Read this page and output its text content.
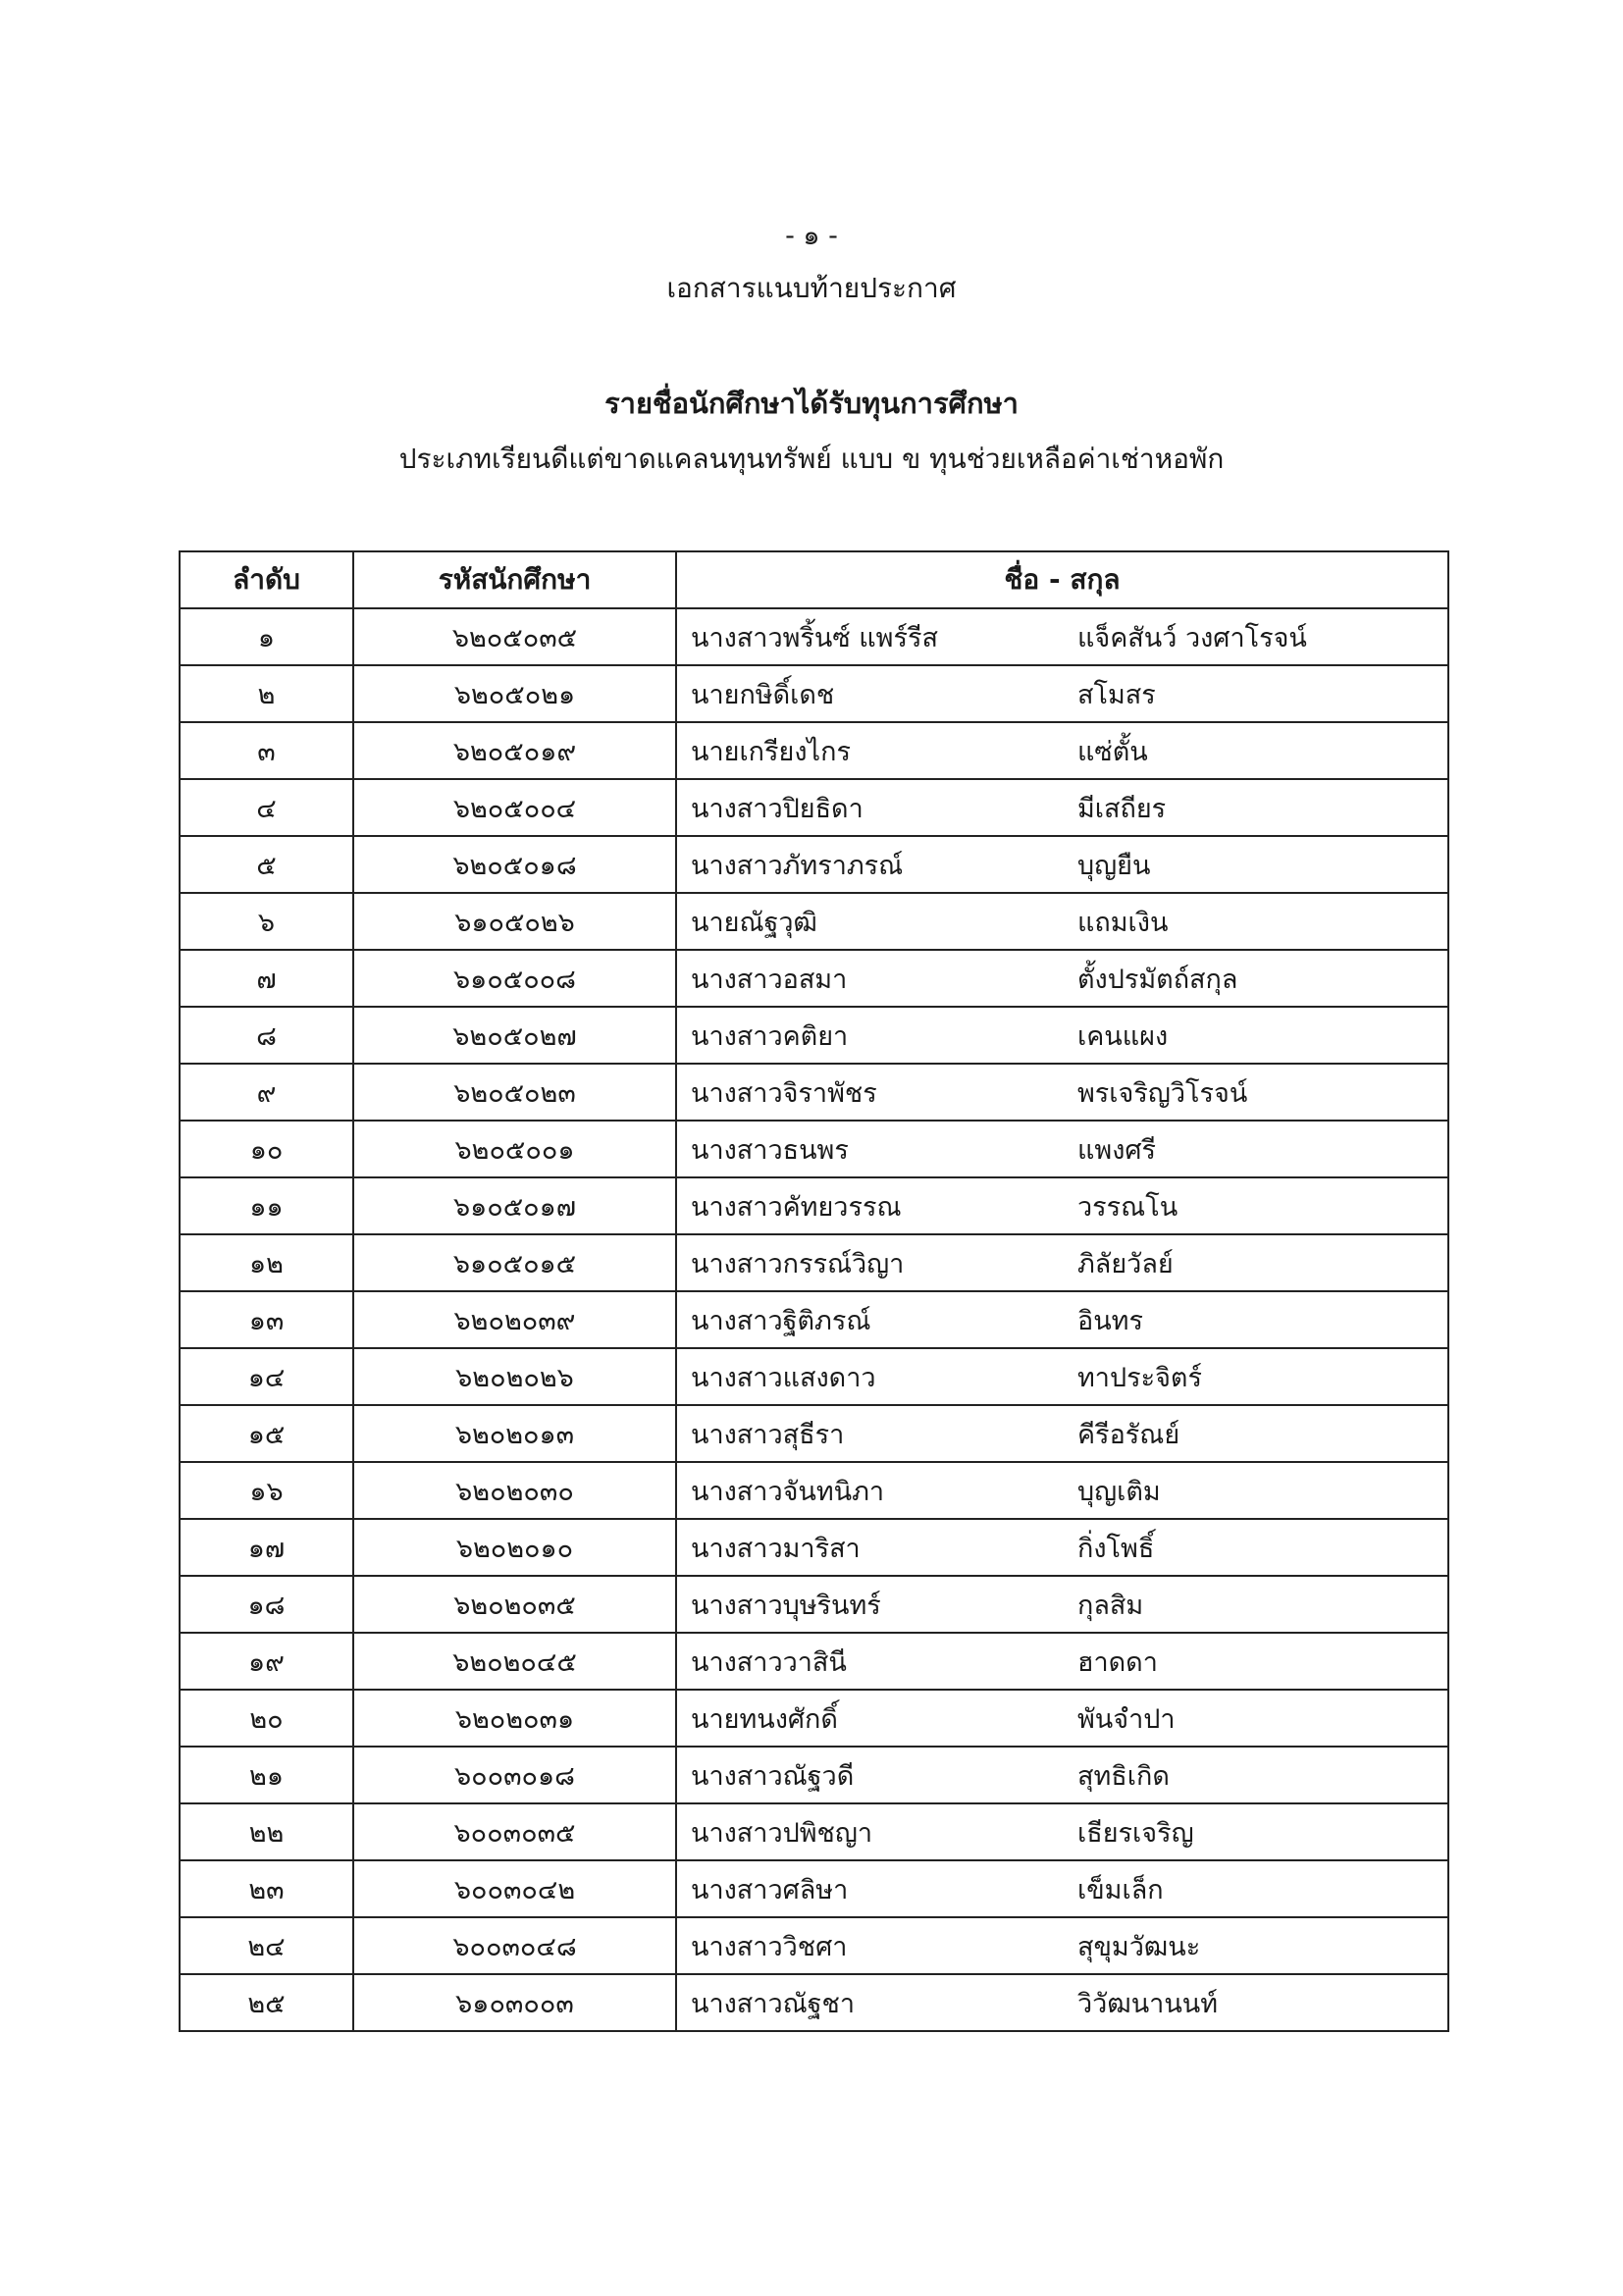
- ๑ -
เอกสารแนบท้ายประกาศ
รายชื่อนักศึกษาได้รับทุนการศึกษา
ประเภทเรียนดีแต่ขาดแคลนทุนทรัพย์ แบบ ข ทุนช่วยเหลือค่าเช่าหอพัก
ลำดับ	รหัสนักศึกษา	ชื่อ - สกุล
๑	๖๒๐๕๐๓๕	นางสาวพริ้นซ์ แพร์รีส แจ็คสันว์ วงศาโรจน์
๒	๖๒๐๕๐๒๑	นายกษิดิ์เดช สโมสร
๓	๖๒๐๕๐๑๙	นายเกรียงไกร แซ่ตั้น
๔	๖๒๐๕๐๐๔	นางสาวปิยธิดา มีเสถียร
๕	๖๒๐๕๐๑๘	นางสาวภัทราภรณ์ บุญยืน
๖	๖๑๐๕๐๒๖	นายณัฐวุฒิ แถมเงิน
๗	๖๑๐๕๐๐๘	นางสาวอสมา ตั้งปรมัตถ์สกุล
๘	๖๒๐๕๐๒๗	นางสาวคติยา เคนแผง
๙	๖๒๐๕๐๒๓	นางสาวจิราพัชร พรเจริญวิโรจน์
๑๐	๖๒๐๕๐๐๑	นางสาวธนพร แพงศรี
๑๑	๖๑๐๕๐๑๗	นางสาวคัทยวรรณ วรรณโน
๑๒	๖๑๐๕๐๑๕	นางสาวกรรณ์วิญา ภิลัยวัลย์
๑๓	๖๒๐๒๐๓๙	นางสาวฐิติภรณ์ อินทร
๑๔	๖๒๐๒๐๒๖	นางสาวแสงดาว ทาประจิตร์
๑๕	๖๒๐๒๐๑๓	นางสาวสุธีรา คีรีอรัณย์
๑๖	๖๒๐๒๐๓๐	นางสาวจันทนิภา บุญเติม
๑๗	๖๒๐๒๐๑๐	นางสาวมาริสา กิ่งโพธิ์
๑๘	๖๒๐๒๐๓๕	นางสาวบุษรินทร์ กุลสิม
๑๙	๖๒๐๒๐๔๕	นางสาววาสินี ฮาดดา
๒๐	๖๒๐๒๐๓๑	นายทนงศักดิ์ พันจำปา
๒๑	๖๐๐๓๐๑๘	นางสาวณัฐวดี สุทธิเกิด
๒๒	๖๐๐๓๐๓๕	นางสาวปพิชญา เธียรเจริญ
๒๓	๖๐๐๓๐๔๒	นางสาวศลิษา เข็มเล็ก
๒๔	๖๐๐๓๐๔๘	นางสาววิชศา สุขุมวัฒนะ
๒๕	๖๑๐๓๐๐๓	นางสาวณัฐชา วิวัฒนานนท์
